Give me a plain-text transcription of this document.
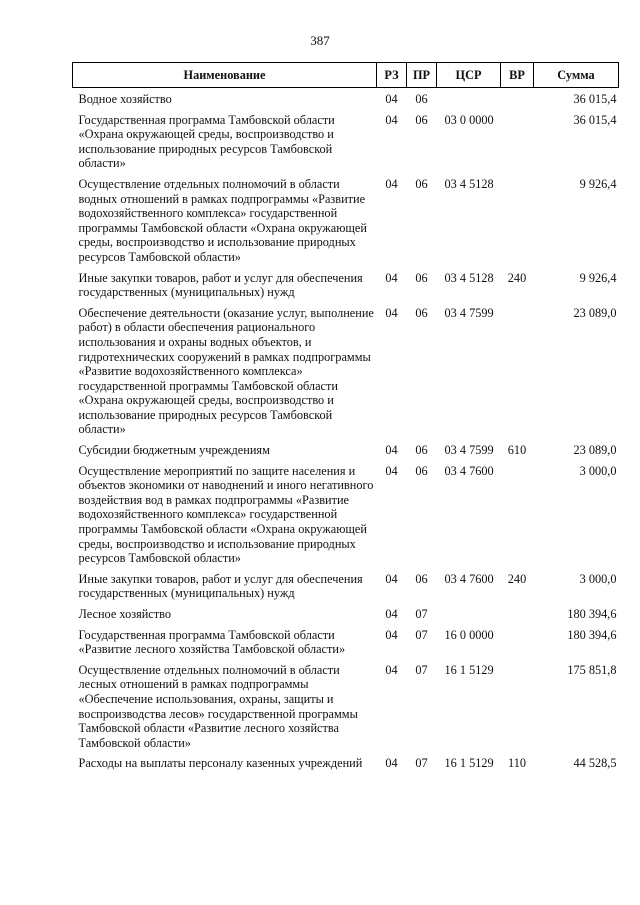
387
Наименование	РЗ	ПР	ЦСР	ВР	Сумма
Водное хозяйство	04	06			36 015,4
Государственная программа Тамбовской области «Охрана окружающей среды, воспроизводство и использование природных ресурсов Тамбовской области»	04	06	03 0 0000		36 015,4
Осуществление отдельных полномочий в области водных отношений в рамках подпрограммы «Развитие водохозяйственного комплекса» государственной программы Тамбовской области «Охрана окружающей среды, воспроизводство и использование природных ресурсов Тамбовской области»	04	06	03 4 5128		9 926,4
Иные закупки товаров, работ и услуг для обеспечения государственных (муниципальных) нужд	04	06	03 4 5128	240	9 926,4
Обеспечение деятельности (оказание услуг, выполнение работ) в области обеспечения рационального использования и охраны водных объектов, и гидротехнических сооружений в рамках подпрограммы «Развитие водохозяйственного комплекса» государственной программы Тамбовской области «Охрана окружающей среды, воспроизводство и использование природных ресурсов Тамбовской области»	04	06	03 4 7599		23 089,0
Субсидии бюджетным учреждениям	04	06	03 4 7599	610	23 089,0
Осуществление мероприятий по защите населения и объектов экономики от наводнений и иного негативного воздействия вод в рамках подпрограммы «Развитие водохозяйственного комплекса» государственной программы Тамбовской области «Охрана окружающей среды, воспроизводство и использование природных ресурсов Тамбовской области»	04	06	03 4 7600		3 000,0
Иные закупки товаров, работ и услуг для обеспечения государственных (муниципальных) нужд	04	06	03 4 7600	240	3 000,0
Лесное хозяйство	04	07			180 394,6
Государственная программа Тамбовской области «Развитие лесного хозяйства Тамбовской области»	04	07	16 0 0000		180 394,6
Осуществление отдельных полномочий в области лесных отношений в рамках подпрограммы «Обеспечение использования, охраны, защиты и воспроизводства лесов» государственной программы Тамбовской области «Развитие лесного хозяйства Тамбовской области»	04	07	16 1 5129		175 851,8
Расходы на выплаты персоналу казенных учреждений	04	07	16 1 5129	110	44 528,5
